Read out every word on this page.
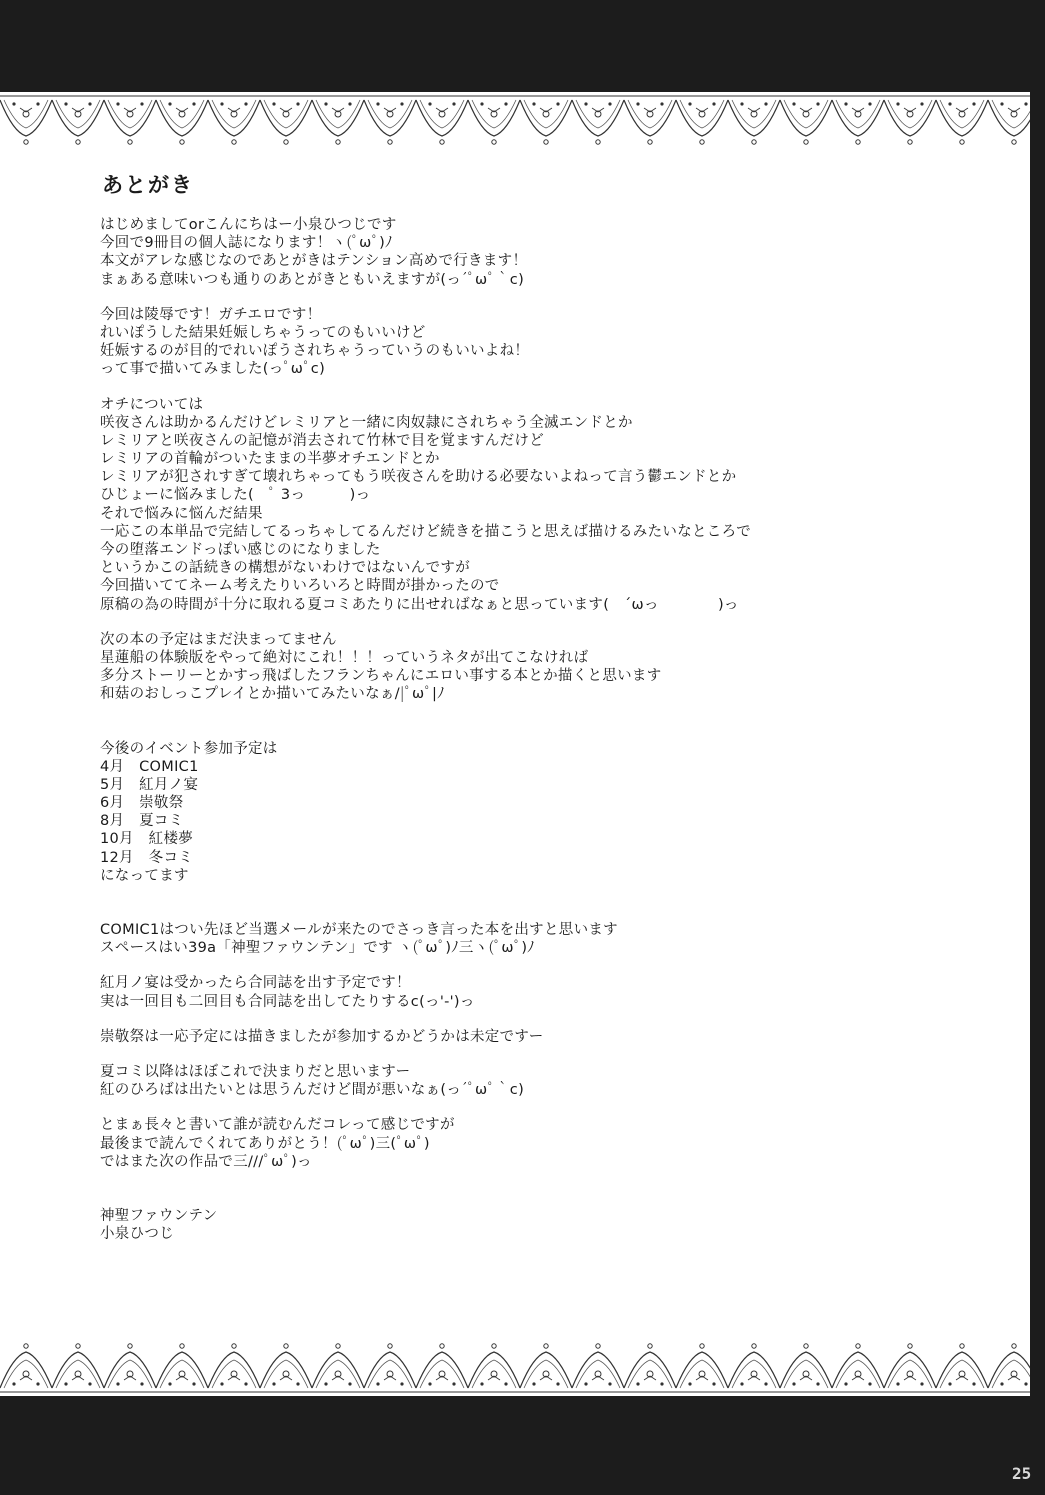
あとがき
はじめましてorこんにちはー小泉ひつじです
今回で9冊目の個人誌になります！ヽ(ﾟωﾟ)ﾉ
本文がアレな感じなのであとがきはテンション高めで行きます！
まぁある意味いつも通りのあとがきともいえますが(っ´ﾟωﾟ｀c)
今回は陵辱です！ガチエロです！
れいぽうした結果妊娠しちゃうってのもいいけど
妊娠するのが目的でれいぽうされちゃうっていうのもいいよね！
って事で描いてみました(っﾟωﾟc)
オチについては
咲夜さんは助かるんだけどレミリアと一緒に肉奴隷にされちゃう全滅エンドとか
レミリアと咲夜さんの記憶が消去されて竹林で目を覚ますんだけど
レミリアの首輪がついたままの半夢オチエンドとか
レミリアが犯されすぎて壊れちゃってもう咲夜さんを助ける必要ないよねって言う鬱エンドとか
ひじょーに悩みました(　ﾟ 3っ　　　)っ
それで悩みに悩んだ結果
一応この本単品で完結してるっちゃしてるんだけど続きを描こうと思えば描けるみたいなところで
今の堕落エンドっぽい感じのになりました
というかこの話続きの構想がないわけではないんですが
今回描いててネーム考えたりいろいろと時間が掛かったので
原稿の為の時間が十分に取れる夏コミあたりに出せればなぁと思っています(　´ωっ　　　　)っ
次の本の予定はまだ決まってません
星蓮船の体験版をやって絶対にこれ！！！っていうネタが出てこなければ
多分ストーリーとかすっ飛ばしたフランちゃんにエロい事する本とか描くと思います
和菇のおしっこプレイとか描いてみたいなぁ/|ﾟωﾟ|ﾉ
今後のイベント参加予定は
4月　COMIC1
5月　紅月ノ宴
6月　崇敬祭
8月　夏コミ
10月　紅楼夢
12月　冬コミ
になってます
COMIC1はつい先ほど当選メールが来たのでさっき言った本を出すと思います
スペースはい39a「神聖ファウンテン」です ヽ(ﾟωﾟ)ﾉ三ヽ(ﾟωﾟ)ﾉ
紅月ノ宴は受かったら合同誌を出す予定です！
実は一回目も二回目も合同誌を出してたりするc(っ'-')っ
崇敬祭は一応予定には描きましたが参加するかどうかは未定ですー
夏コミ以降はほぼこれで決まりだと思いますー
紅のひろばは出たいとは思うんだけど間が悪いなぁ(っ´ﾟωﾟ｀c)
とまぁ長々と書いて誰が読むんだコレって感じですが
最後まで読んでくれてありがとう！(ﾟωﾟ)三(ﾟωﾟ)
ではまた次の作品で三///ﾟωﾟ)っ
神聖ファウンテン
小泉ひつじ
25
